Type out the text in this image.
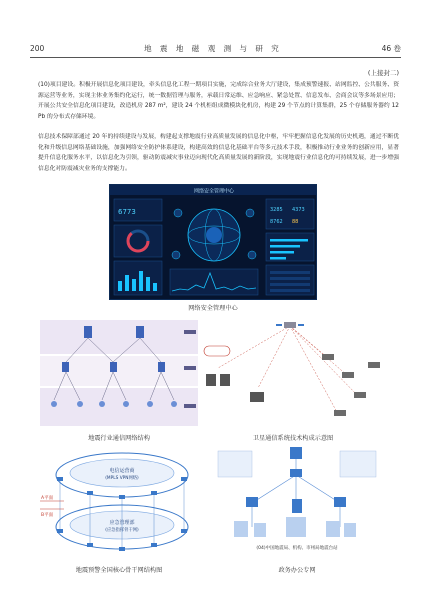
200	地 震 地 磁 观 测 与 研 究	46 卷
(上接封二)

(10)项目建设。积极开展信息化项目建设，牵头信息化工程一期项目实施，完成综合业务大厅建设，集成预警速报、站网监控、公共服务、资源运营等业务，实现主体业务集约化运行，统一数据管理与服务，承载日常运维、应急响应、紧急处置、信息发布、会商会议等多场景应用；开展公共安全信息化项目建设，改造机房 287 m²，建设 24 个机柜组成微模块化机房，构建 29 个节点的计算集群，25 个存储服务器约 12 Pb 的分布式存储环境。

信息技术保障部通过 20 年的持续建设与发展，构建起支撑地震行业高质量发展的信息化中枢，牢牢把握信息化发展的历史机遇，通过不断优化和升级信息网络基础设施，加强网络安全防护体系建设，构建高效的信息化基础平台等多元技术手段，积极推动行业业务的创新应用，显著提升信息化服务水平，以信息化为引领，驱动防震减灾事业迈向现代化高质量发展的新阶段，实现地震行业信息化的可持续发展，进一步增强信息化对防震减灾业务的支撑能力。

网络安全管理中心
6773	3285 4373
8762 88
网络安全管理中心
地震行业通信网络结构	卫星通信系统技术构成示意图
A平面
B平面
电信运营商
(MPLS VPN网络)
应急管理部
(应急指挥骨干网)
地震预警全国核心骨干网结构图
(04)中国地震局、机构、市州局地震台站
政务办公专网
